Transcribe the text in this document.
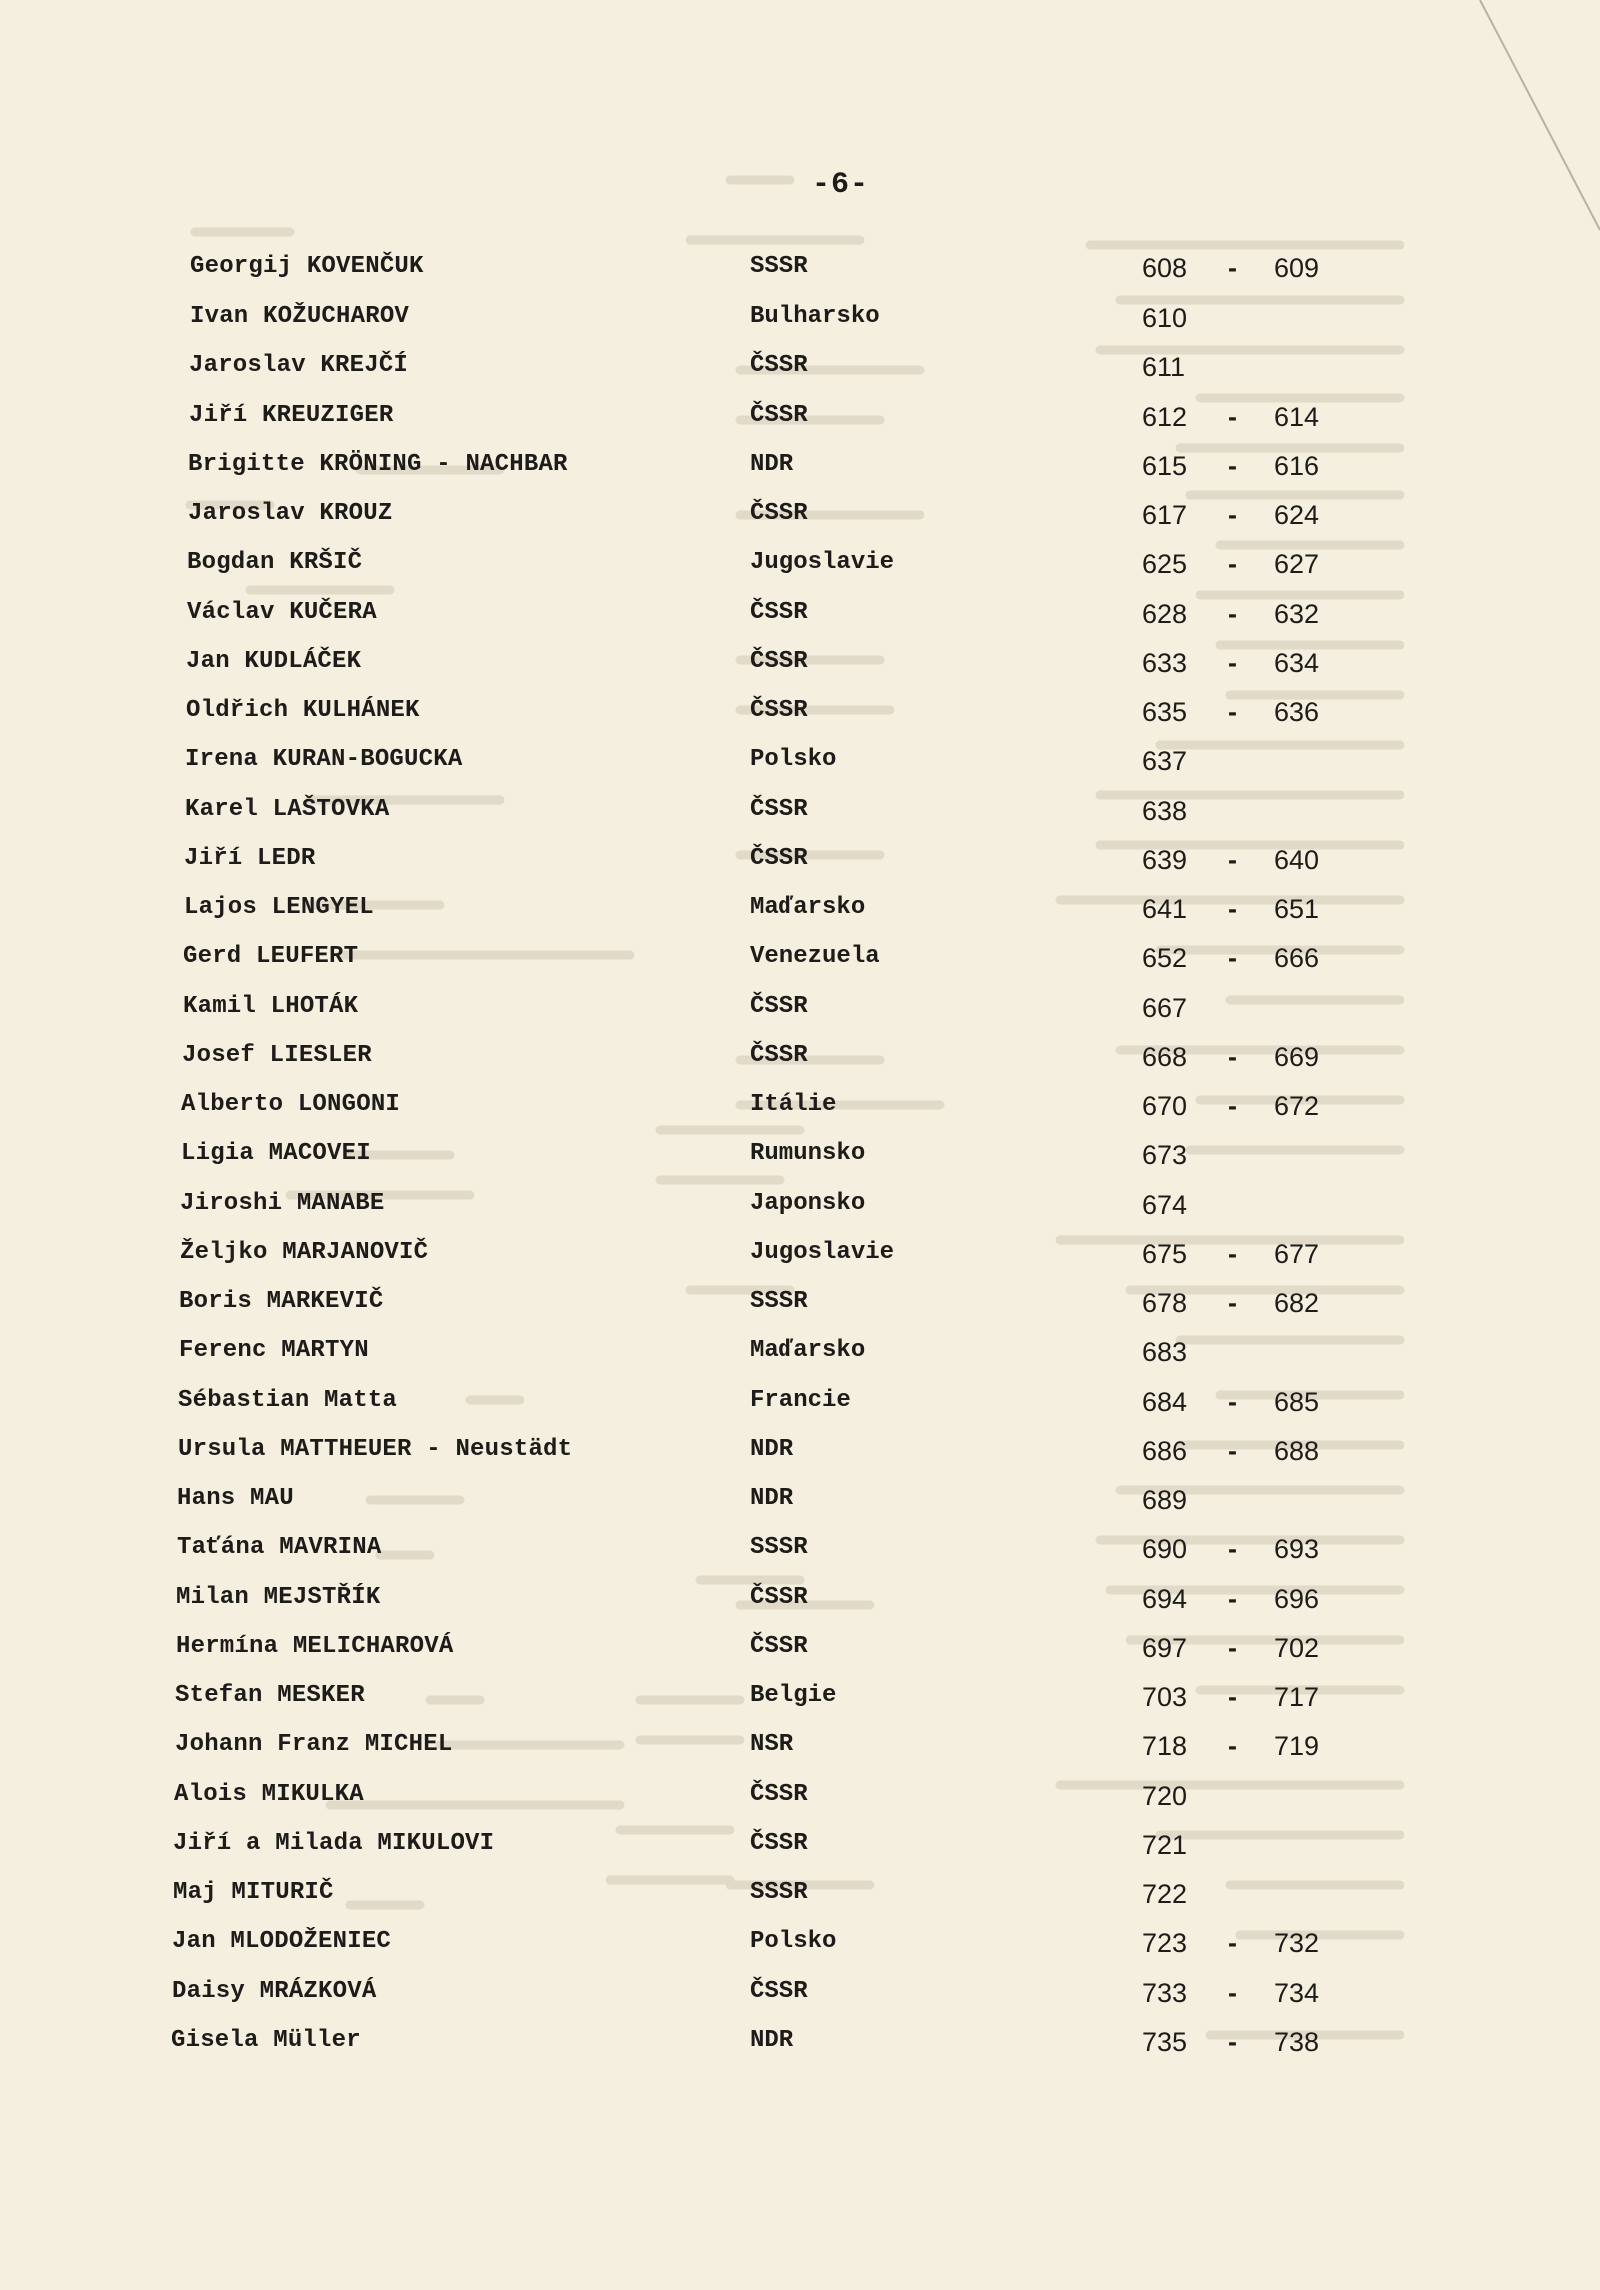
-6-
Georgij KOVENČUK	SSSR	608 - 609
Ivan KOŽUCHAROV	Bulharsko	610
Jaroslav KREJČÍ	ČSSR	611
Jiří KREUZIGER	ČSSR	612 - 614
Brigitte KRÖNING - NACHBAR	NDR	615 - 616
Jaroslav KROUZ	ČSSR	617 - 624
Bogdan KRŠIČ	Jugoslavie	625 - 627
Václav KUČERA	ČSSR	628 - 632
Jan KUDLÁČEK	ČSSR	633 - 634
Oldřich KULHÁNEK	ČSSR	635 - 636
Irena KURAN-BOGUCKA	Polsko	637
Karel LAŠTOVKA	ČSSR	638
Jiří LEDR	ČSSR	639 - 640
Lajos LENGYEL	Maďarsko	641 - 651
Gerd LEUFERT	Venezuela	652 - 666
Kamil LHOTÁK	ČSSR	667
Josef LIESLER	ČSSR	668 - 669
Alberto LONGONI	Itálie	670 - 672
Ligia MACOVEI	Rumunsko	673
Jiroshi MANABE	Japonsko	674
Željko MARJANOVIČ	Jugoslavie	675 - 677
Boris MARKEVIČ	SSSR	678 - 682
Ferenc MARTYN	Maďarsko	683
Sébastian Matta	Francie	684 - 685
Ursula MATTHEUER - Neustädt	NDR	686 - 688
Hans MAU	NDR	689
Taťána MAVRINA	SSSR	690 - 693
Milan MEJSTŘÍK	ČSSR	694 - 696
Hermína MELICHAROVÁ	ČSSR	697 - 702
Stefan MESKER	Belgie	703 - 717
Johann Franz MICHEL	NSR	718 - 719
Alois MIKULKA	ČSSR	720
Jiří a Milada MIKULOVI	ČSSR	721
Maj MITURIČ	SSSR	722
Jan MLODOŽENIEC	Polsko	723 - 732
Daisy MRÁZKOVÁ	ČSSR	733 - 734
Gisela Müller	NDR	735 - 738
